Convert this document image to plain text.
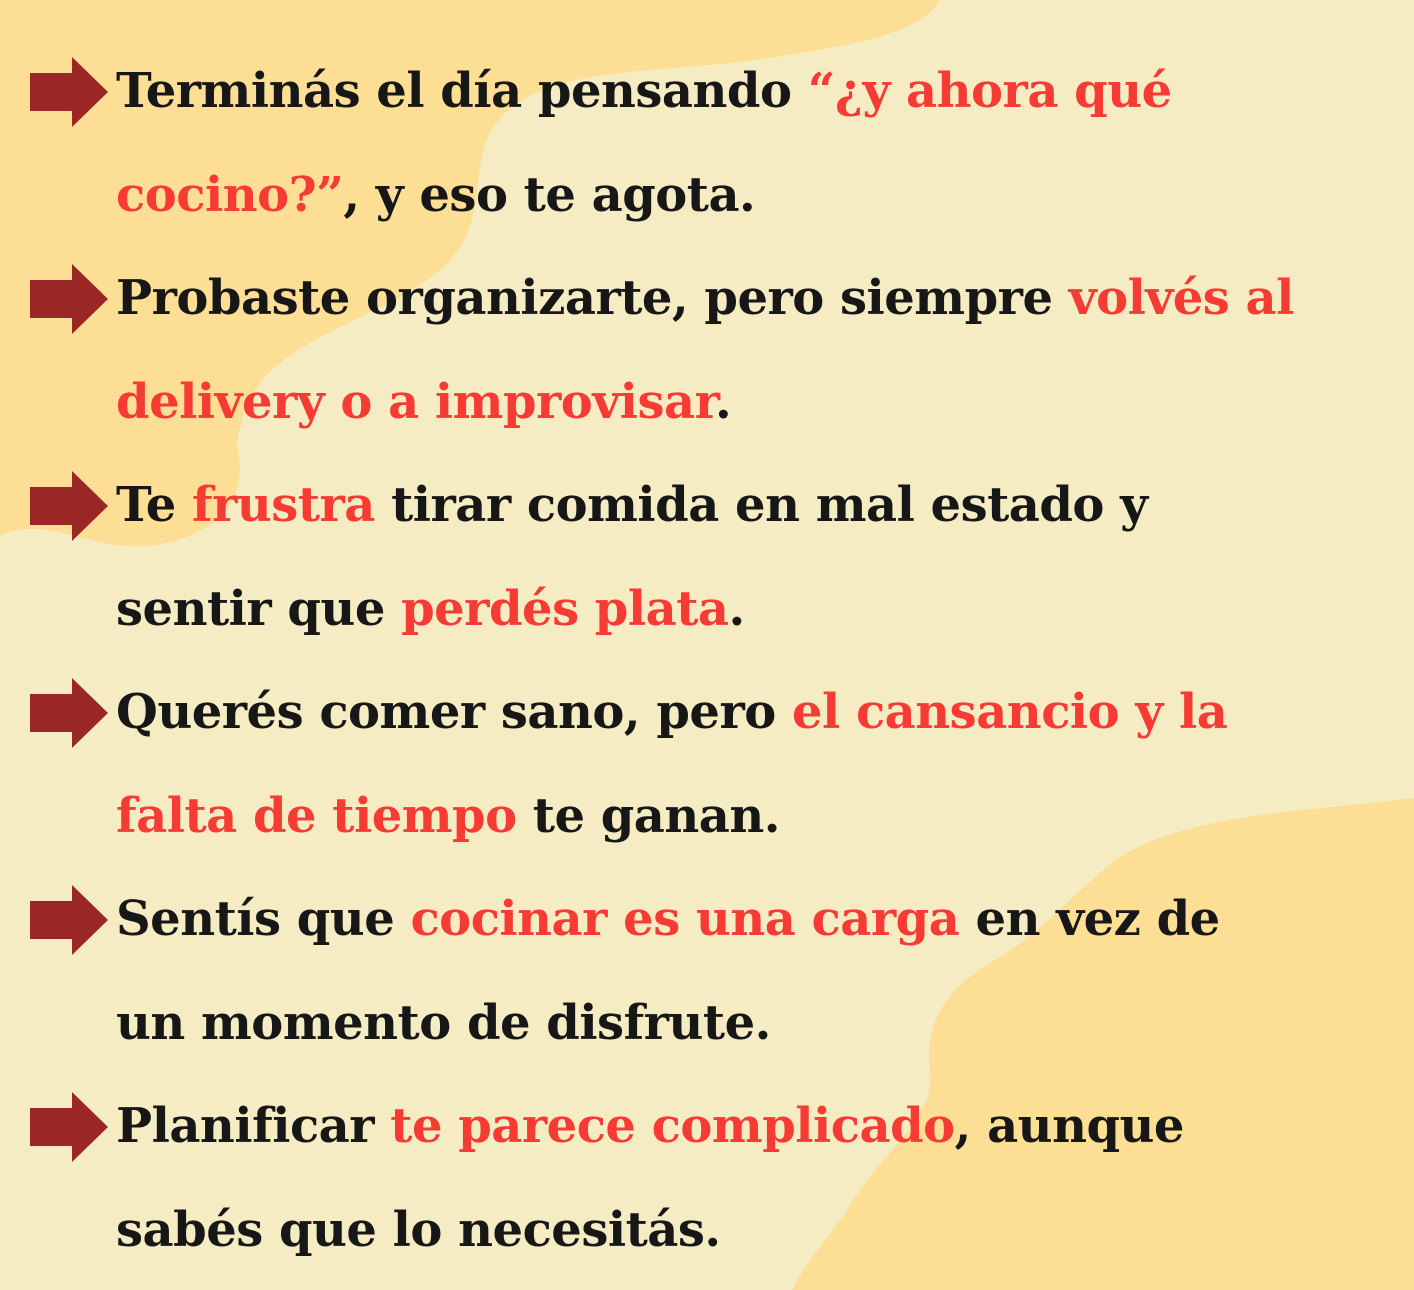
Terminás el día pensando “¿y ahora qué
cocino?”, y eso te agota.
Probaste organizarte, pero siempre volvés al
delivery o a improvisar.
Te frustra tirar comida en mal estado y
sentir que perdés plata.
Querés comer sano, pero el cansancio y la
falta de tiempo te ganan.
Sentís que cocinar es una carga en vez de
un momento de disfrute.
Planificar te parece complicado, aunque
sabés que lo necesitás.
